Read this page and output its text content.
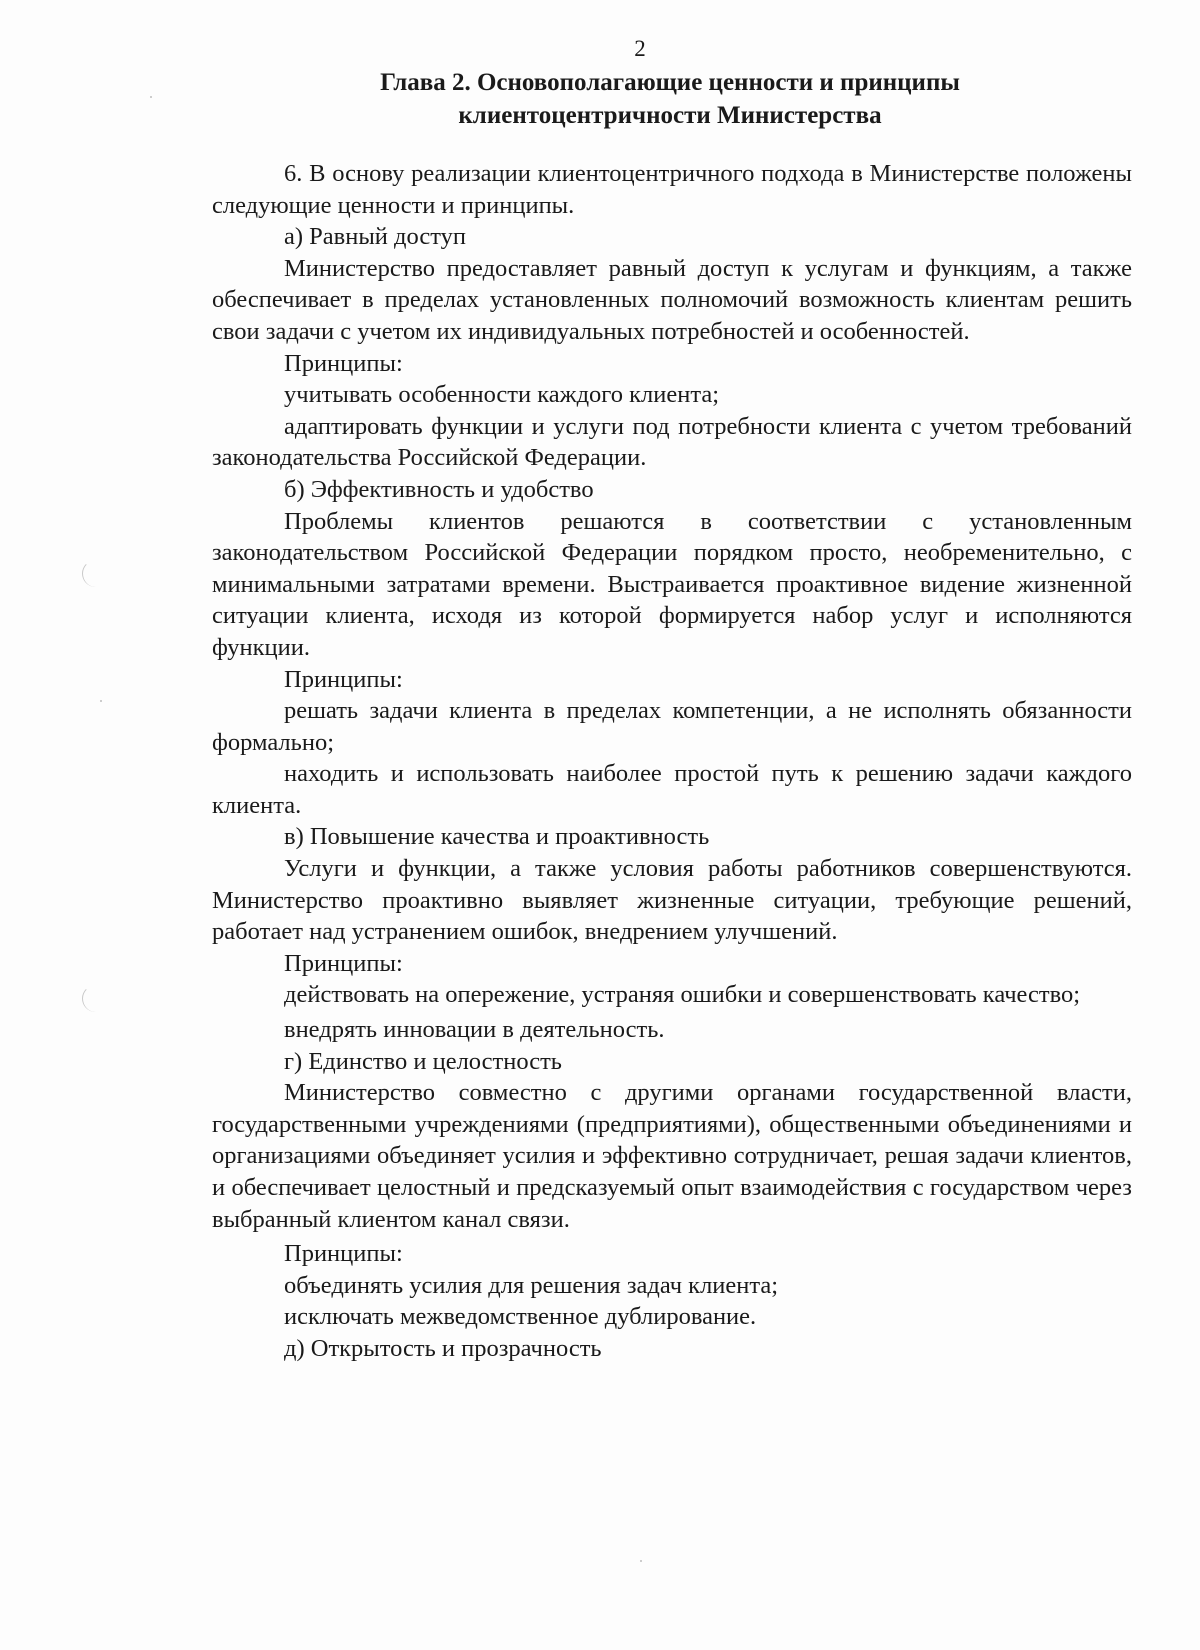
2
Глава 2. Основополагающие ценности и принципы
клиентоцентричности Министерства

6. В основу реализации клиентоцентричного подхода в Министерстве положены следующие ценности и принципы.

а) Равный доступ

Министерство предоставляет равный доступ к услугам и функциям, а также обеспечивает в пределах установленных полномочий возможность клиентам решить свои задачи с учетом их индивидуальных потребностей и особенностей.

Принципы:

учитывать особенности каждого клиента;

адаптировать функции и услуги под потребности клиента с учетом требований законодательства Российской Федерации.

б) Эффективность и удобство

Проблемы клиентов решаются в соответствии с установленным законодательством Российской Федерации порядком просто, необременительно, с минимальными затратами времени. Выстраивается проактивное видение жизненной ситуации клиента, исходя из которой формируется набор услуг и исполняются функции.

Принципы:

решать задачи клиента в пределах компетенции, а не исполнять обязанности формально;

находить и использовать наиболее простой путь к решению задачи каждого клиента.

в) Повышение качества и проактивность

Услуги и функции, а также условия работы работников совершенствуются. Министерство проактивно выявляет жизненные ситуации, требующие решений, работает над устранением ошибок, внедрением улучшений.

Принципы:

действовать на опережение, устраняя ошибки и совершенствовать качество;

внедрять инновации в деятельность.

г) Единство и целостность

Министерство совместно с другими органами государственной власти, государственными учреждениями (предприятиями), общественными объединениями и организациями объединяет усилия и эффективно сотрудничает, решая задачи клиентов, и обеспечивает целостный и предсказуемый опыт взаимодействия с государством через выбранный клиентом канал связи.

Принципы:

объединять усилия для решения задач клиента;

исключать межведомственное дублирование.

д) Открытость и прозрачность
